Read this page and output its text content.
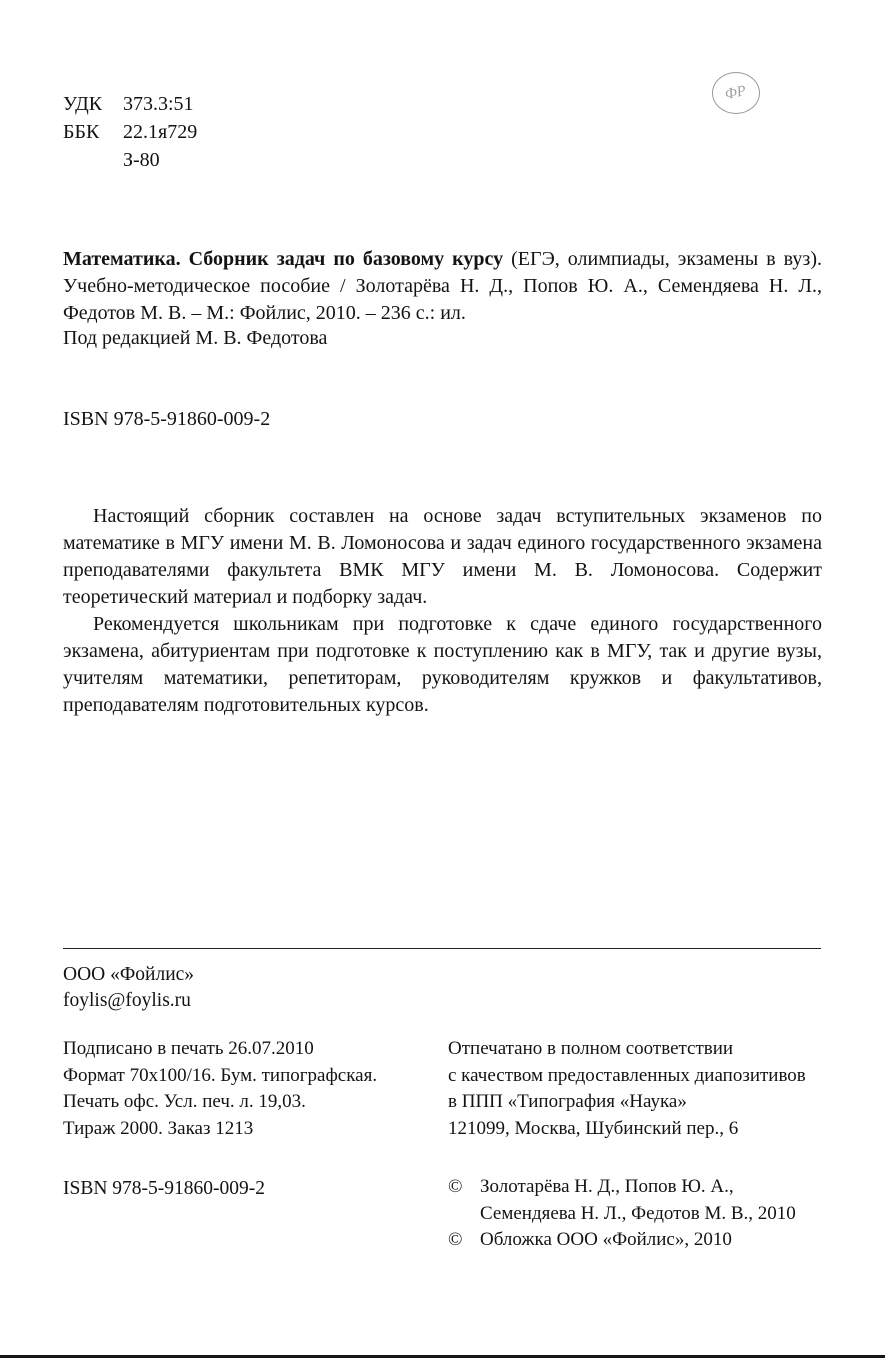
УДК	373.3:51
ББК	22.1я729
З-80
ФР

Математика. Сборник задач по базовому курсу (ЕГЭ, олимпиады, экзамены в вуз). Учебно-методическое пособие / Золотарёва Н. Д., Попов Ю. А., Семендяева Н. Л., Федотов М. В. – М.: Фойлис, 2010. – 236 с.: ил.

Под редакцией М. В. Федотова
ISBN 978-5-91860-009-2

Настоящий сборник составлен на основе задач вступительных экзаменов по математике в МГУ имени М. В. Ломоносова и задач единого государственного экзамена преподавателями факультета ВМК МГУ имени М. В. Ломоносова. Содержит теоретический материал и подборку задач.

Рекомендуется школьникам при подготовке к сдаче единого государственного экзамена, абитуриентам при подготовке к поступлению как в МГУ, так и другие вузы, учителям математики, репетиторам, руководителям кружков и факультативов, преподавателям подготовительных курсов.

ООО «Фойлис»
foylis@foylis.ru
Подписано в печать 26.07.2010
Формат 70x100/16. Бум. типографская.
Печать офс. Усл. печ. л. 19,03.
Тираж 2000. Заказ 1213
Отпечатано в полном соответствии
с качеством предоставленных диапозитивов
в ППП «Типография «Наука»
121099, Москва, Шубинский пер., 6
ISBN 978-5-91860-009-2	© Золотарёва Н. Д., Попов Ю. А., Семендяева Н. Л., Федотов М. В., 2010
© Обложка ООО «Фойлис», 2010
